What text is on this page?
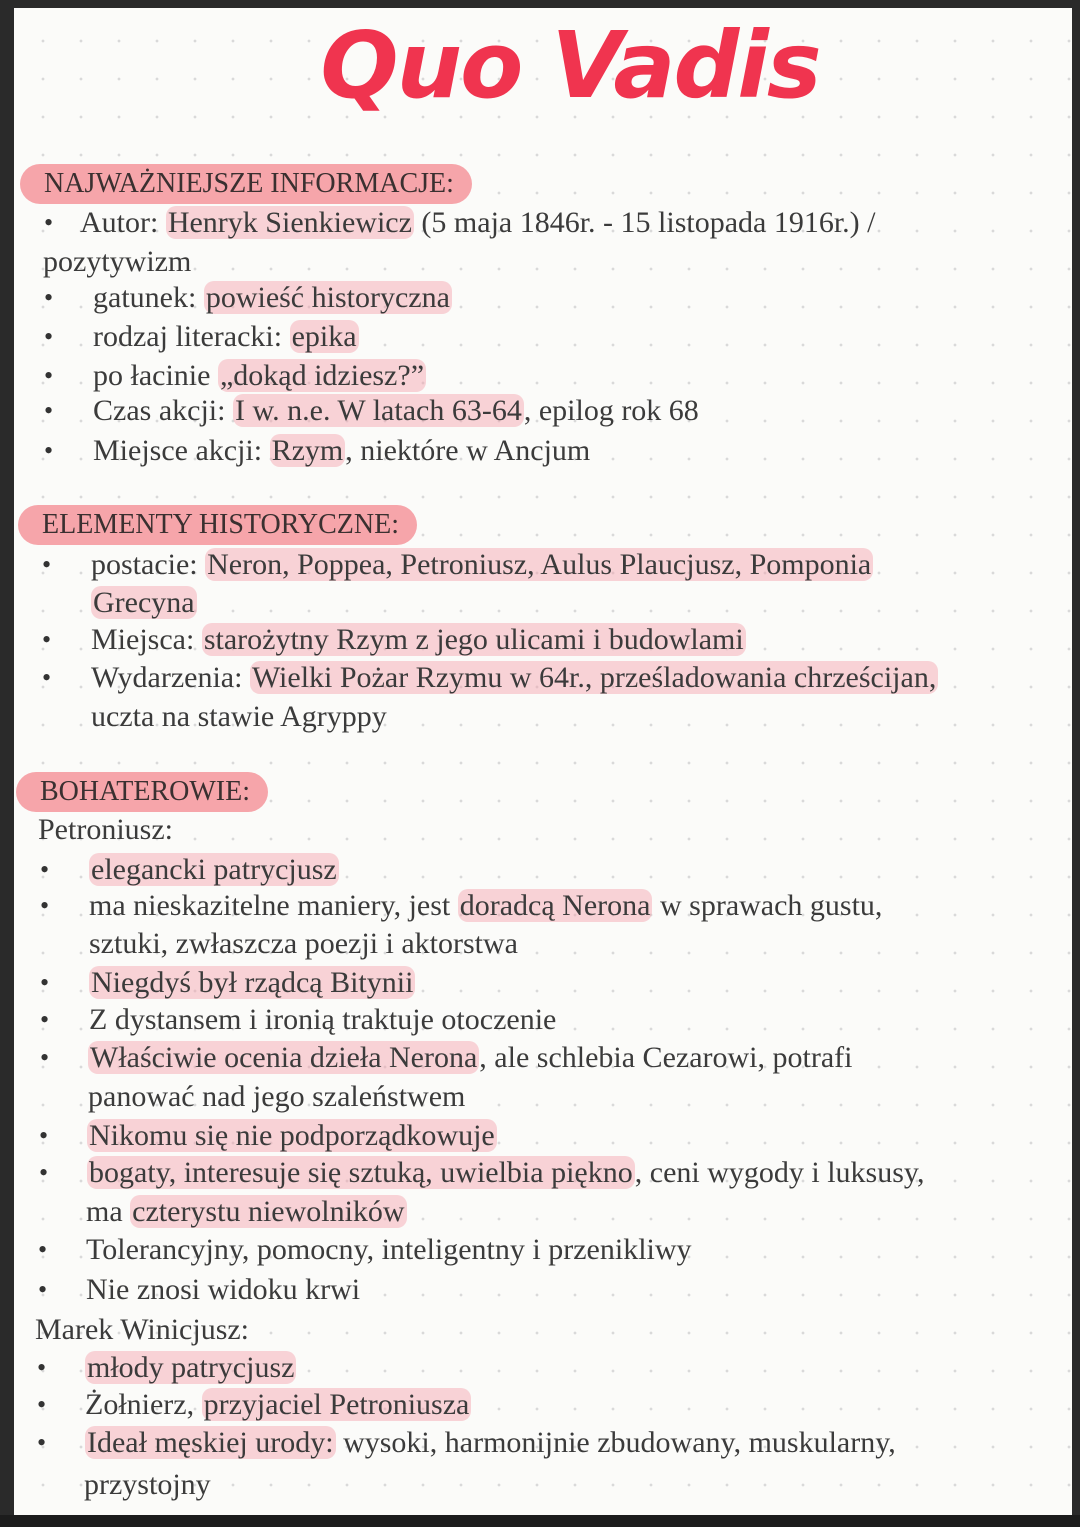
Quo Vadis
NAJWAŻNIEJSZE INFORMACJE:
• Autor: Henryk Sienkiewicz (5 maja 1846r. - 15 listopada 1916r.) /
pozytywizm
• gatunek: powieść historyczna
• rodzaj literacki: epika
• po łacinie „dokąd idziesz?”
• Czas akcji: I w. n.e. W latach 63-64, epilog rok 68
• Miejsce akcji: Rzym, niektóre w Ancjum
ELEMENTY HISTORYCZNE:
• postacie: Neron, Poppea, Petroniusz, Aulus Plaucjusz, Pomponia
Grecyna
• Miejsca: starożytny Rzym z jego ulicami i budowlami
• Wydarzenia: Wielki Pożar Rzymu w 64r., prześladowania chrześcijan,
uczta na stawie Agryppy
BOHATEROWIE:
Petroniusz:
• elegancki patrycjusz
• ma nieskazitelne maniery, jest doradcą Nerona w sprawach gustu,
sztuki, zwłaszcza poezji i aktorstwa
• Niegdyś był rządcą Bitynii
• Z dystansem i ironią traktuje otoczenie
• Właściwie ocenia dzieła Nerona, ale schlebia Cezarowi, potrafi
panować nad jego szaleństwem
• Nikomu się nie podporządkowuje
• bogaty, interesuje się sztuką, uwielbia piękno, ceni wygody i luksusy,
ma czterystu niewolników
• Tolerancyjny, pomocny, inteligentny i przenikliwy
• Nie znosi widoku krwi
Marek Winicjusz:
• młody patrycjusz
• Żołnierz, przyjaciel Petroniusza
• Ideał męskiej urody: wysoki, harmonijnie zbudowany, muskularny,
przystojny
